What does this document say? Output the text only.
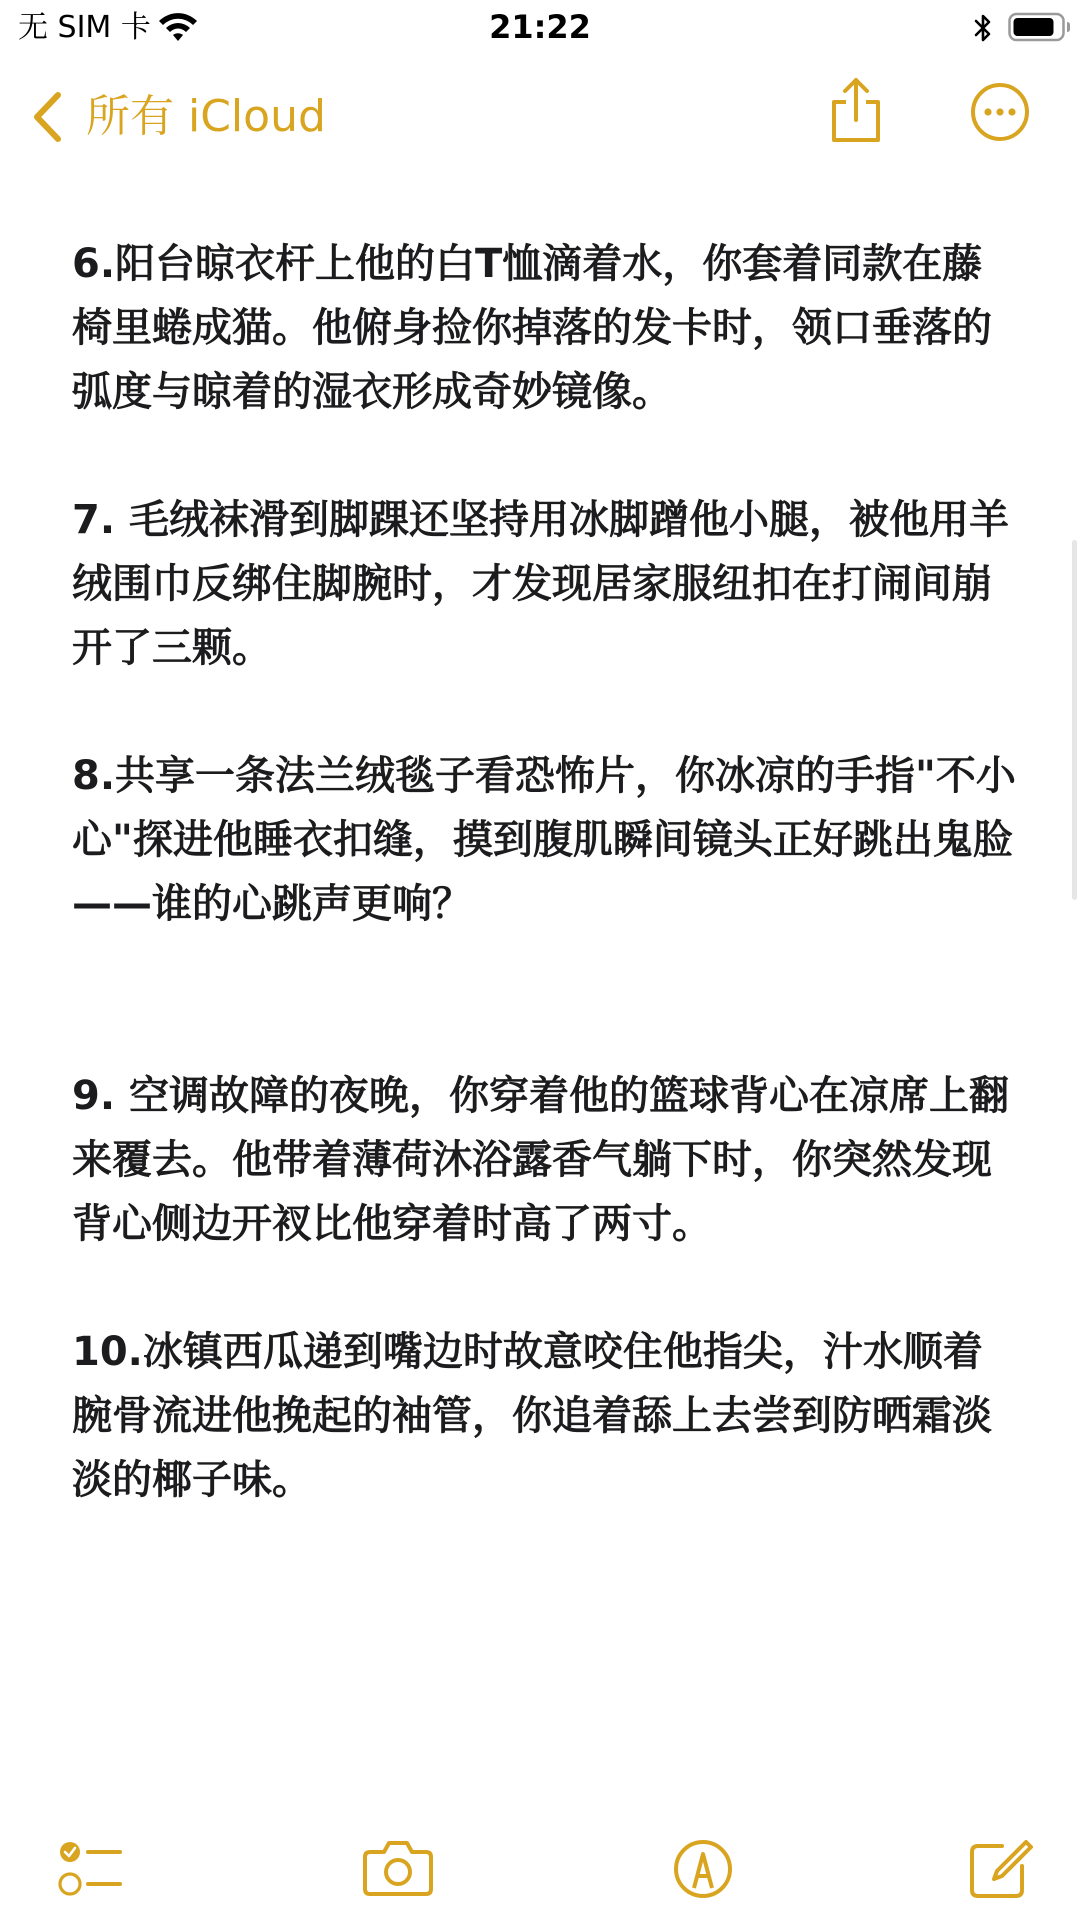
无 SIM 卡	21:22
所有 iCloud

6.阳台晾衣杆上他的白T恤滴着水，你套着同款在藤椅里蜷成猫。他俯身捡你掉落的发卡时，领口垂落的弧度与晾着的湿衣形成奇妙镜像。

7. 毛绒袜滑到脚踝还坚持用冰脚蹭他小腿，被他用羊绒围巾反绑住脚腕时，才发现居家服纽扣在打闹间崩开了三颗。

8.共享一条法兰绒毯子看恐怖片，你冰凉的手指"不小心"探进他睡衣扣缝，摸到腹肌瞬间镜头正好跳出鬼脸——谁的心跳声更响？

9. 空调故障的夜晚，你穿着他的篮球背心在凉席上翻来覆去。他带着薄荷沐浴露香气躺下时，你突然发现背心侧边开衩比他穿着时高了两寸。

10.冰镇西瓜递到嘴边时故意咬住他指尖，汁水顺着腕骨流进他挽起的袖管，你追着舔上去尝到防晒霜淡淡的椰子味。
